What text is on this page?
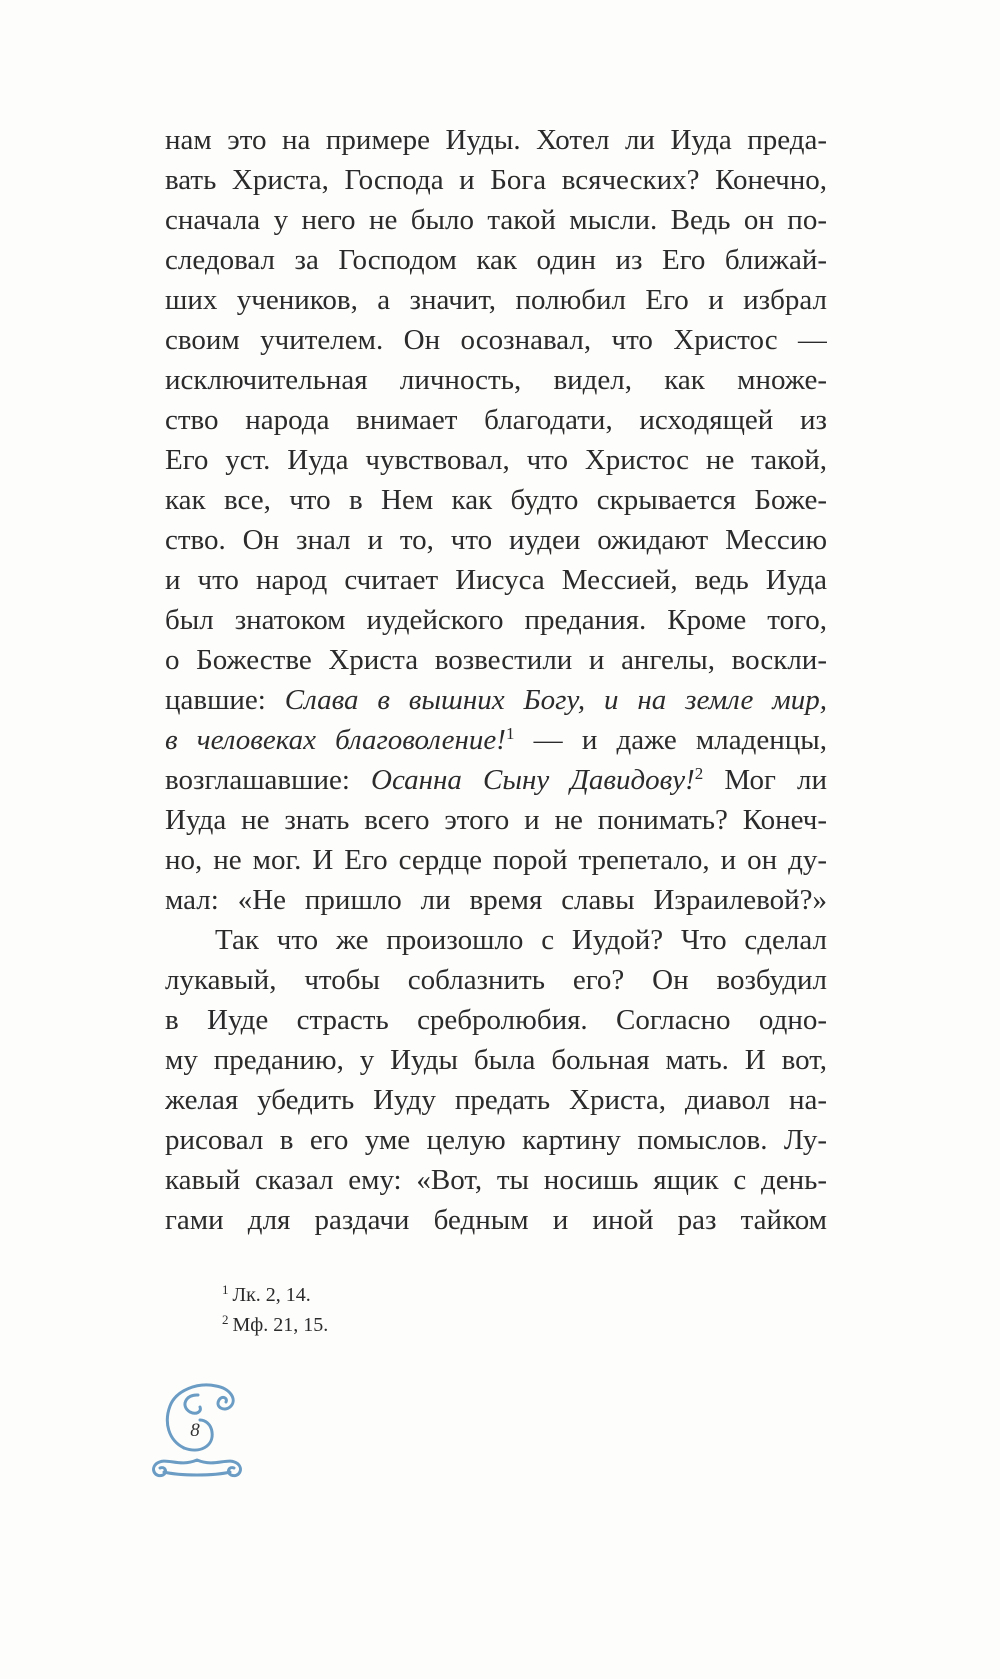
нам это на примере Иуды. Хотел ли Иуда преда-
вать Христа, Господа и Бога всяческих? Конечно,
сначала у него не было такой мысли. Ведь он по-
следовал за Господом как один из Его ближай-
ших учеников, а значит, полюбил Его и избрал
своим учителем. Он осознавал, что Христос —
исключительная личность, видел, как множе-
ство народа внимает благодати, исходящей из
Его уст. Иуда чувствовал, что Христос не такой,
как все, что в Нем как будто скрывается Боже-
ство. Он знал и то, что иудеи ожидают Мессию
и что народ считает Иисуса Мессией, ведь Иуда
был знатоком иудейского предания. Кроме того,
о Божестве Христа возвестили и ангелы, воскли-
цавшие: Слава в вышних Богу, и на земле мир,
в человеках благоволение!$^1$ — и даже младенцы,
возглашавшие: Осанна Сыну Давидову!$^2$ Мог ли
Иуда не знать всего этого и не понимать? Конеч-
но, не мог. И Его сердце порой трепетало, и он ду-
мал: «Не пришло ли время славы Израилевой?»
Так что же произошло с Иудой? Что сделал
лукавый, чтобы соблазнить его? Он возбудил
в Иуде страсть сребролюбия. Согласно одно-
му преданию, у Иуды была больная мать. И вот,
желая убедить Иуду предать Христа, диавол на-
рисовал в его уме целую картину помыслов. Лу-
кавый сказал ему: «Вот, ты носишь ящик с день-
гами для раздачи бедным и иной раз тайком
$^1$ Лк. 2, 14.
$^2$ Мф. 21, 15.
8
